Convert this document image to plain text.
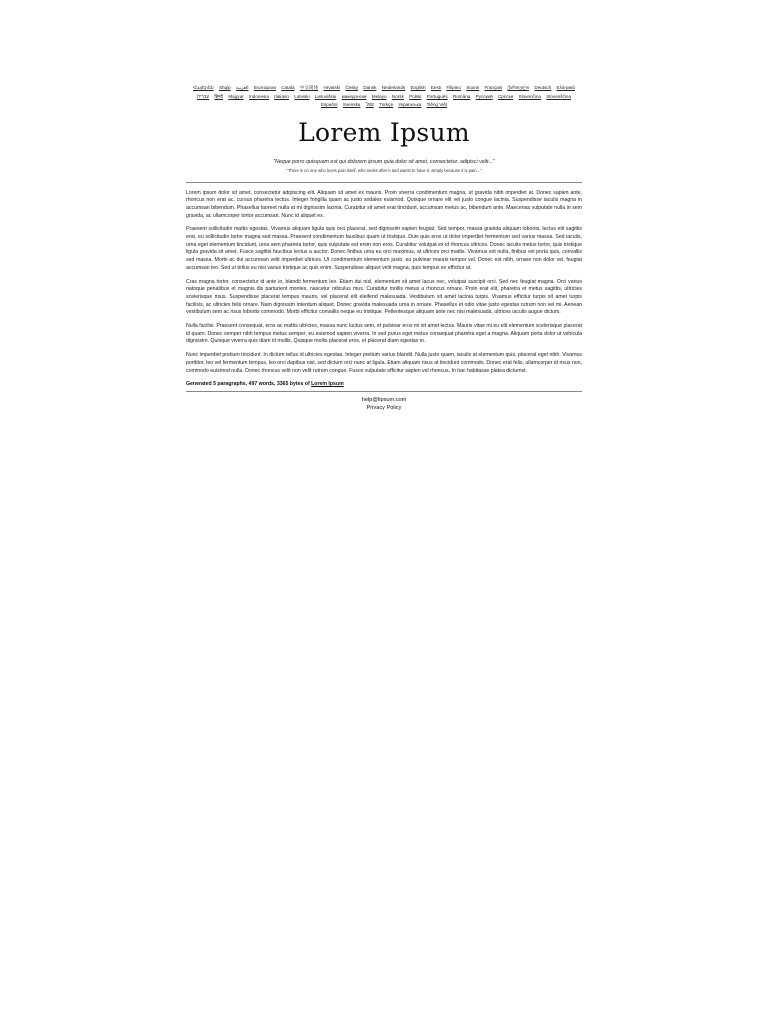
Հայերեն Shqip العربية Български Català 中文简体 Hrvatski Česky Dansk Nederlands English Eesti Filipino Suomi Français ქართული Deutsch Ελληνικά עברית हिन्दी Magyar Indonesia Italiano Latviski Lietuviškai македонски Melayu Norsk Polski Português Româna Pyccкий Српски Slovenčina Slovenščina Español Svenska ไทย Türkçe Українська Tiếng Việt
Lorem Ipsum
"Neque porro quisquam est qui dolorem ipsum quia dolor sit amet, consectetur, adipisci velit..."
"There is no one who loves pain itself, who seeks after it and wants to have it, simply because it is pain..."

Lorem ipsum dolor sit amet, consectetur adipiscing elit. Aliquam sit amet ex mauris. Proin viverra condimentum magna, ut gravida nibh imperdiet at. Donec sapien ante, rhoncus non erat ac, cursus pharetra lectus. Integer fringilla quam ac justo sodales euismod. Quisque ornare elit vel justo congue lacinia. Suspendisse iaculis magna in accumsan bibendum. Phasellus laoreet nulla at mi dignissim lacinia. Curabitur sit amet erat tincidunt, accumsan metus ac, bibendum ante. Maecenas vulputate nulla in sem gravida, ac ullamcorper tortor accumsan. Nunc id aliquet ex.

Praesent sollicitudin mattis egestas. Vivamus aliquam ligula quis orci placerat, sed dignissim sapien feugiat. Sed tempor, massa gravida aliquam lobortis, lectus elit sagittis erat, eu sollicitudin tortor magna sed massa. Praesent condimentum faucibus quam ut tristique. Duis quis eros ut dolor imperdiet fermentum sed varius massa. Sed iaculis, urna eget elementum tincidunt, urna sem pharetra tortor, quis vulputate est enim non eros. Curabitur volutpat ex id rhoncus ultrices. Donec iaculis metus tortor, quis tristique ligula gravida sit amet. Fusce sagittis faucibus lectus a auctor. Donec finibus urna eu orci maximus, at ultrices orci mattis. Vivamus est nulla, finibus vel porta quis, convallis sed massa. Morbi ac dui accumsan velit imperdiet ultrices. Ut condimentum elementum justo, eu pulvinar mauris tempor vel. Donec est nibh, ornare non dolor vel, feugiat accumsan leo. Sed ut tellus eu nisi varius tristique ac quis enim. Suspendisse aliquet velit magna, quis tempus ex efficitur at.

Cras magna tortor, consectetur id ante in, blandit fermentum leo. Etiam dui nisl, elementum sit amet lacus nec, volutpat suscipit orci. Sed nec feugiat magna. Orci varius natoque penatibus et magnis dis parturient montes, nascetur ridiculus mus. Curabitur mollis metus a rhoncus ornare. Proin erat elit, pharetra et metus sagittis, ultricies scelerisque risus. Suspendisse placerat tempus mauris, vel placerat elit eleifend malesuada. Vestibulum sit amet lacinia turpis. Vivamus efficitur turpis sit amet turpis facilisis, ac ultricies felis ornare. Nam dignissim interdum aliquet. Donec gravida malesuada urna in ornare. Phasellus et odio vitae justo egestas rutrum non vel mi. Aenean vestibulum sem ac risus lobortis commodo. Morbi efficitur convallis neque eu tristique. Pellentesque aliquam ante nec nisi malesuada, ultrices iaculis augue dictum.

Nulla facilisi. Praesent consequat, eros ac mattis ultricies, massa nunc luctus sem, et pulvinar eros mi sit amet lectus. Mauris vitae mi eu elit elementum scelerisque placerat id quam. Donec semper nibh tempus metus semper, eu euismod sapien viverra. In sed purus eget metus consequat pharetra eget a magna. Aliquam porta dolor ut vehicula dignissim. Quisque viverra quis diam id mollis. Quisque mollis placerat eros, et placerat diam egestas in.

Nunc imperdiet pretium tincidunt. In dictum tellus id ultricies egestas. Integer pretium varius blandit. Nulla justo quam, iaculis at elementum quis, placerat eget nibh. Vivamus porttitor, leo vel fermentum tempus, leo orci dapibus nisl, sed dictum orci nunc at ligula. Etiam aliquam risus at tincidunt commodo. Donec erat felis, ullamcorper id risus non, commodo euismod nulla. Donec rhoncus velit non velit rutrum congue. Fusce vulputate efficitur sapien vel rhoncus. In hac habitasse platea dictumst.

Generated 5 paragraphs, 497 words, 3365 bytes of Lorem Ipsum
help@lipsum.com
Privacy Policy
